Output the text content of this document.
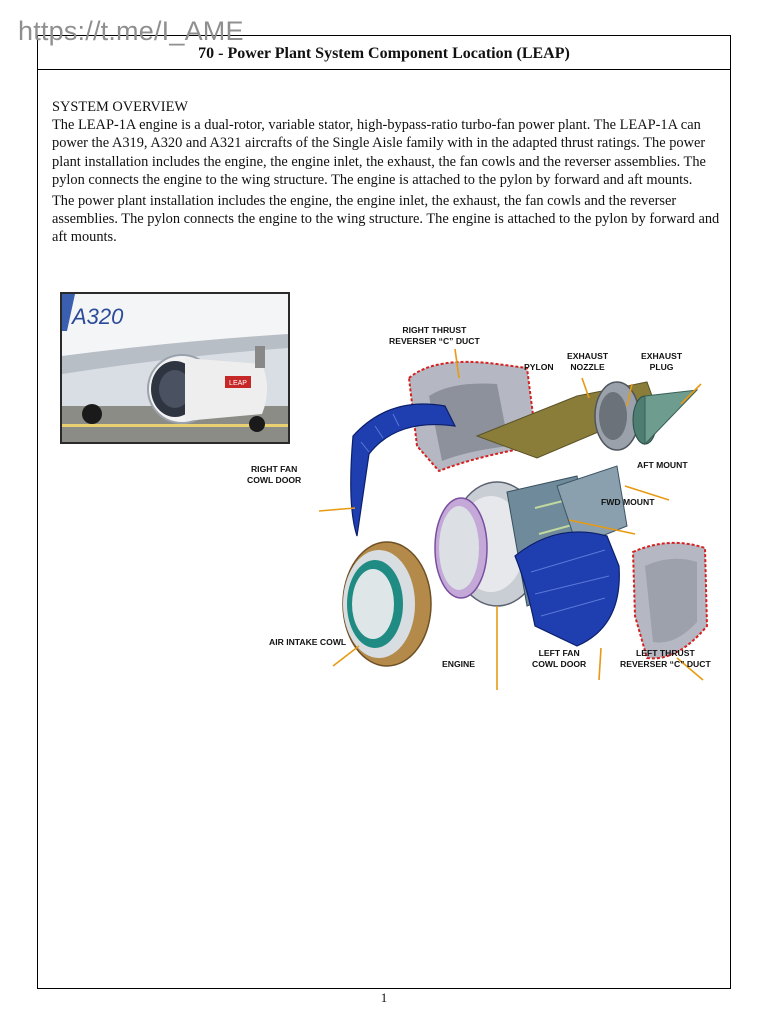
https://t.me/I_AME
70 - Power Plant System Component Location (LEAP)
SYSTEM OVERVIEW

The LEAP-1A engine is a dual-rotor, variable stator, high-bypass-ratio turbo-fan power plant. The LEAP-1A can power the A319, A320 and A321 aircrafts of the Single Aisle family with in the adapted thrust ratings. The power plant installation includes the engine, the engine inlet, the exhaust, the fan cowls and the reverser assemblies. The pylon connects the engine to the wing structure. The engine is attached to the pylon by forward and aft mounts.

The power plant installation includes the engine, the engine inlet, the exhaust, the fan cowls and the reverser assemblies. The pylon connects the engine to the wing structure. The engine is attached to the pylon by forward and aft mounts.

A320
LEAP
RIGHT THRUST
REVERSER “C” DUCT
PYLON
EXHAUST
NOZZLE
EXHAUST
PLUG
AFT MOUNT
RIGHT FAN
COWL DOOR
FWD MOUNT
AIR INTAKE COWL
ENGINE
LEFT FAN
COWL DOOR
LEFT THRUST
REVERSER “C” DUCT
1
